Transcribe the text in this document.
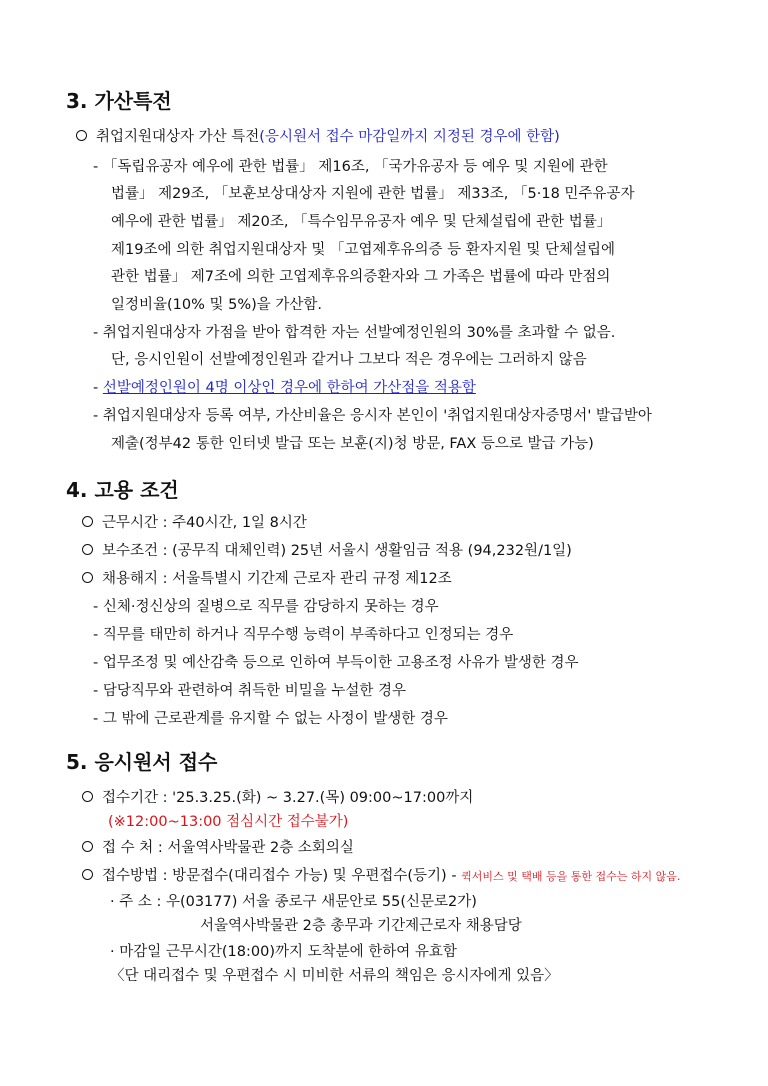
3. 가산특전
취업지원대상자 가산 특전(응시원서 접수 마감일까지 지정된 경우에 한함)
- 「독립유공자 예우에 관한 법률」 제16조, 「국가유공자 등 예우 및 지원에 관한
법률」 제29조, 「보훈보상대상자 지원에 관한 법률」 제33조, 「5·18 민주유공자
예우에 관한 법률」 제20조, 「특수임무유공자 예우 및 단체설립에 관한 법률」
제19조에 의한 취업지원대상자 및 「고엽제후유의증 등 환자지원 및 단체설립에
관한 법률」 제7조에 의한 고엽제후유의증환자와 그 가족은 법률에 따라 만점의
일정비율(10% 및 5%)을 가산함.
- 취업지원대상자 가점을 받아 합격한 자는 선발예정인원의 30%를 초과할 수 없음.
단, 응시인원이 선발예정인원과 같거나 그보다 적은 경우에는 그러하지 않음
- 선발예정인원이 4명 이상인 경우에 한하여 가산점을 적용함
- 취업지원대상자 등록 여부, 가산비율은 응시자 본인이 '취업지원대상자증명서' 발급받아
제출(정부42 통한 인터넷 발급 또는 보훈(지)청 방문, FAX 등으로 발급 가능)
4. 고용 조건
근무시간 : 주40시간, 1일 8시간
보수조건 : (공무직 대체인력) 25년 서울시 생활임금 적용 (94,232원/1일)
채용해지 : 서울특별시 기간제 근로자 관리 규정 제12조
- 신체·정신상의 질병으로 직무를 감당하지 못하는 경우
- 직무를 태만히 하거나 직무수행 능력이 부족하다고 인정되는 경우
- 업무조정 및 예산감축 등으로 인하여 부득이한 고용조정 사유가 발생한 경우
- 담당직무와 관련하여 취득한 비밀을 누설한 경우
- 그 밖에 근로관계를 유지할 수 없는 사정이 발생한 경우
5. 응시원서 접수
접수기간 : '25.3.25.(화) ~ 3.27.(목) 09:00~17:00까지
(※12:00~13:00 점심시간 접수불가)
접 수 처 : 서울역사박물관 2층 소회의실
접수방법 : 방문접수(대리접수 가능) 및 우편접수(등기) - 퀵서비스 및 택배 등을 통한 접수는 하지 않음.
· 주 소 : 우(03177) 서울 종로구 새문안로 55(신문로2가)
서울역사박물관 2층 총무과 기간제근로자 채용담당
· 마감일 근무시간(18:00)까지 도착분에 한하여 유효함
〈단 대리접수 및 우편접수 시 미비한 서류의 책임은 응시자에게 있음〉
